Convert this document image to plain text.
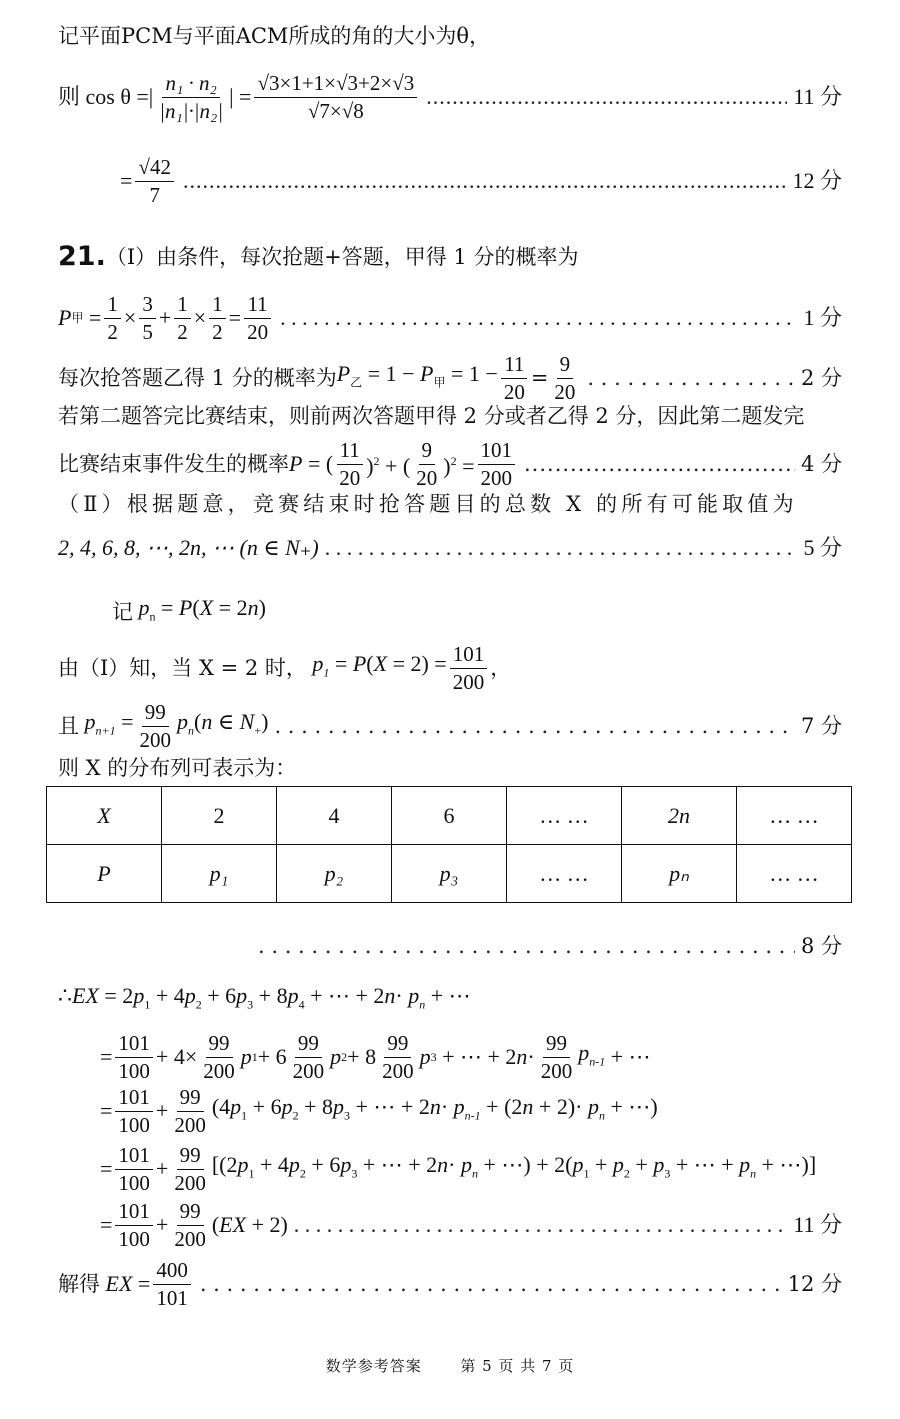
记平面PCM与平面ACM所成的角的大小为θ，
则 cos θ = | $\frac{\text{n₁ · n₂}}{\text{|n₁|·|n₂|}}$ | = $\frac{√3\times 1+1\times√3+2\times√3}{√7\times√8}$ .....	11 分
= $\frac{√42}{7}$ .....	12 分
21. （Ⅰ）由条件，每次抢题+答题，甲得 1 分的概率为
P 甲 = $\frac{1}{2} \times \frac{3}{5} + \frac{1}{2} \times \frac{1}{2} = \frac{11}{20}$ . . .	1 分
每次抢答题乙得 1 分的概率为 $P_乙 = 1 - P_甲 = 1 - \frac{11}{20} = \frac{9}{20}$ . . .	2 分
若第二题答完比赛结束，则前两次答题甲得 2 分或者乙得 2 分，因此第二题发完
比赛结束事件发生的概率 P = ( $\frac{11}{20} )^2$ + ( $\frac{9}{20} )^2 = \frac{101}{200}$ .....	4 分
（Ⅱ）根据题意，竞赛结束时抢答题目的总数 X 的所有可能取值为
2, 4, 6, 8, ⋯, 2n, ⋯ (n ∈ N₊) . . .	5 分
记 $p_n = P(X = 2n)$
由（Ⅰ）知，当 X = 2 时， $p_1 = P(X = 2) = \frac{101}{200}$ ，
且 $p_{n+1} = \frac{99}{200} p_n(n$ ∈ $N_+$) . . .	7 分
则 X 的分布列可表示为：
X	2	4	6	… …	2n	… …
P	p₁	p₂	p₃	… …	pₙ	… …
. . .
8 分
∴EX = $2p_1 + 4p_2 + 6p_3 + 8p_4$ + ⋯ + $2n\cdot p_n$ + ⋯
= $\frac{101}{100} + 4\times \frac{99}{200}$ p $1 + 6 \frac{99}{200}$ p $2 + 8 \frac{99}{200}$ p 3 + ⋯ + 2 $n \cdot \frac{99}{200} p_{n-1}$ + ⋯
= $\frac{101}{100} + \frac{99}{200} (4p_1 + 6p_2 + 8p_3$ + ⋯ + $2n\cdot p_{n-1} + (2n + 2)\cdot p_n$ + ⋯)
= $\frac{101}{100} + \frac{99}{200} [(2p_1 + 4p_2 + 6p_3$ + ⋯ + $2n\cdot p_n$ + ⋯) + $2(p_1 + p_2 + p_3$ + ⋯ + $p_n$ + ⋯)]
= $\frac{101}{100} + \frac{99}{200} (EX + 2)$ . . .	11 分
解得 EX = $\frac{400}{101}$ . . .	12 分
数学参考答案	第 5 页 共 7 页
